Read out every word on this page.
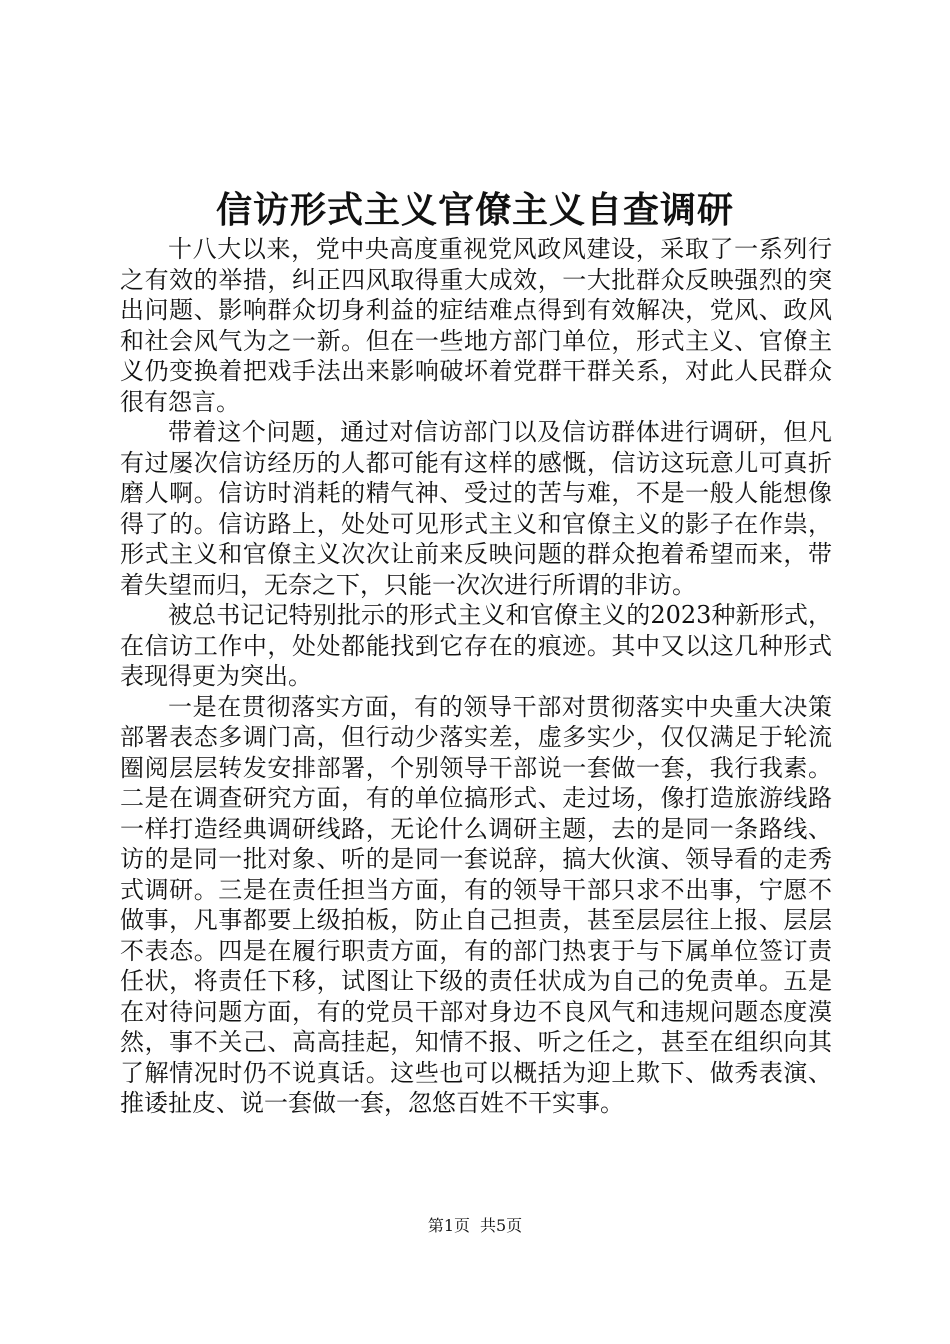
信访形式主义官僚主义自查调研

十八大以来，党中央高度重视党风政风建设，采取了一系列行之有效的举措，纠正四风取得重大成效，一大批群众反映强烈的突出问题、影响群众切身利益的症结难点得到有效解决，党风、政风和社会风气为之一新。但在一些地方部门单位，形式主义、官僚主义仍变换着把戏手法出来影响破坏着党群干群关系，对此人民群众很有怨言。

带着这个问题，通过对信访部门以及信访群体进行调研，但凡有过屡次信访经历的人都可能有这样的感慨，信访这玩意儿可真折磨人啊。信访时消耗的精气神、受过的苦与难，不是一般人能想像得了的。信访路上，处处可见形式主义和官僚主义的影子在作祟，形式主义和官僚主义次次让前来反映问题的群众抱着希望而来，带着失望而归，无奈之下，只能一次次进行所谓的非访。

被总书记记特别批示的形式主义和官僚主义的2023种新形式，在信访工作中，处处都能找到它存在的痕迹。其中又以这几种形式表现得更为突出。

一是在贯彻落实方面，有的领导干部对贯彻落实中央重大决策部署表态多调门高，但行动少落实差，虚多实少，仅仅满足于轮流圈阅层层转发安排部署，个别领导干部说一套做一套，我行我素。二是在调查研究方面，有的单位搞形式、走过场，像打造旅游线路一样打造经典调研线路，无论什么调研主题，去的是同一条路线、访的是同一批对象、听的是同一套说辞，搞大伙演、领导看的走秀式调研。三是在责任担当方面，有的领导干部只求不出事，宁愿不做事，凡事都要上级拍板，防止自己担责，甚至层层往上报、层层不表态。四是在履行职责方面，有的部门热衷于与下属单位签订责任状，将责任下移，试图让下级的责任状成为自己的免责单。五是在对待问题方面，有的党员干部对身边不良风气和违规问题态度漠然，事不关己、高高挂起，知情不报、听之任之，甚至在组织向其了解情况时仍不说真话。这些也可以概括为迎上欺下、做秀表演、推诿扯皮、说一套做一套，忽悠百姓不干实事。

第1页 共5页
